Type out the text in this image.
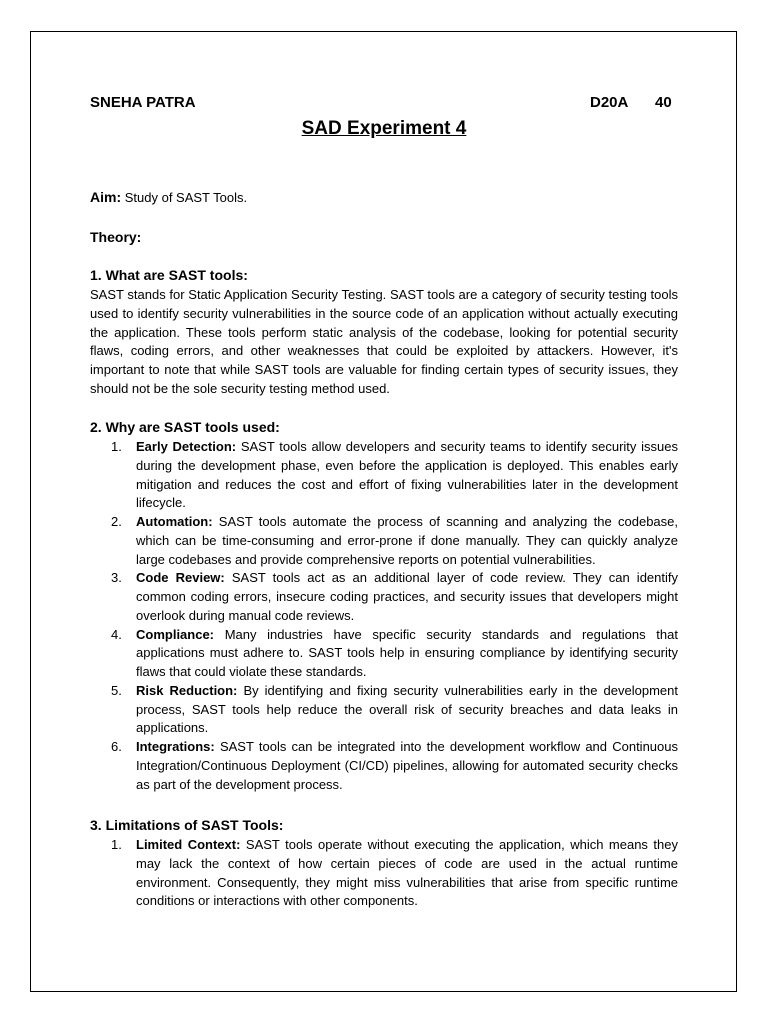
SNEHA PATRA	D20A 40
SAD Experiment 4
Aim: Study of SAST Tools.
Theory:
1. What are SAST tools:
SAST stands for Static Application Security Testing. SAST tools are a category of security testing tools used to identify security vulnerabilities in the source code of an application without actually executing the application. These tools perform static analysis of the codebase, looking for potential security flaws, coding errors, and other weaknesses that could be exploited by attackers. However, it's important to note that while SAST tools are valuable for finding certain types of security issues, they should not be the sole security testing method used.
2. Why are SAST tools used:
1. Early Detection: SAST tools allow developers and security teams to identify security issues during the development phase, even before the application is deployed. This enables early mitigation and reduces the cost and effort of fixing vulnerabilities later in the development lifecycle.
2. Automation: SAST tools automate the process of scanning and analyzing the codebase, which can be time-consuming and error-prone if done manually. They can quickly analyze large codebases and provide comprehensive reports on potential vulnerabilities.
3. Code Review: SAST tools act as an additional layer of code review. They can identify common coding errors, insecure coding practices, and security issues that developers might overlook during manual code reviews.
4. Compliance: Many industries have specific security standards and regulations that applications must adhere to. SAST tools help in ensuring compliance by identifying security flaws that could violate these standards.
5. Risk Reduction: By identifying and fixing security vulnerabilities early in the development process, SAST tools help reduce the overall risk of security breaches and data leaks in applications.
6. Integrations: SAST tools can be integrated into the development workflow and Continuous Integration/Continuous Deployment (CI/CD) pipelines, allowing for automated security checks as part of the development process.
3. Limitations of SAST Tools:
1. Limited Context: SAST tools operate without executing the application, which means they may lack the context of how certain pieces of code are used in the actual runtime environment. Consequently, they might miss vulnerabilities that arise from specific runtime conditions or interactions with other components.
